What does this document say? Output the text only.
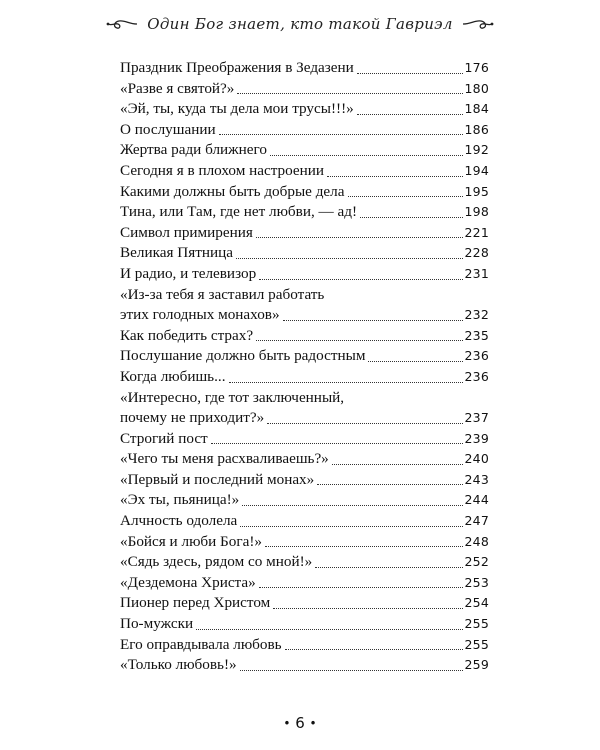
Один Бог знает, кто такой Гавриэл
Праздник Преображения в Зедазени	176
«Разве я святой?»	180
«Эй, ты, куда ты дела мои трусы!!!»	184
О послушании	186
Жертва ради ближнего	192
Сегодня я в плохом настроении	194
Какими должны быть добрые дела	195
Тина, или Там, где нет любви, — ад!	198
Символ примирения	221
Великая Пятница	228
И радио, и телевизор	231
«Из-за тебя я заставил работать
этих голодных монахов»	232
Как победить страх?	235
Послушание должно быть радостным	236
Когда любишь...	236
«Интересно, где тот заключенный,
почему не приходит?»	237
Строгий пост	239
«Чего ты меня расхваливаешь?»	240
«Первый и последний монах»	243
«Эх ты, пьяница!»	244
Алчность одолела	247
«Бойся и люби Бога!»	248
«Сядь здесь, рядом со мной!»	252
«Дездемона Христа»	253
Пионер перед Христом	254
По-мужски	255
Его оправдывала любовь	255
«Только любовь!»	259
• 6 •
